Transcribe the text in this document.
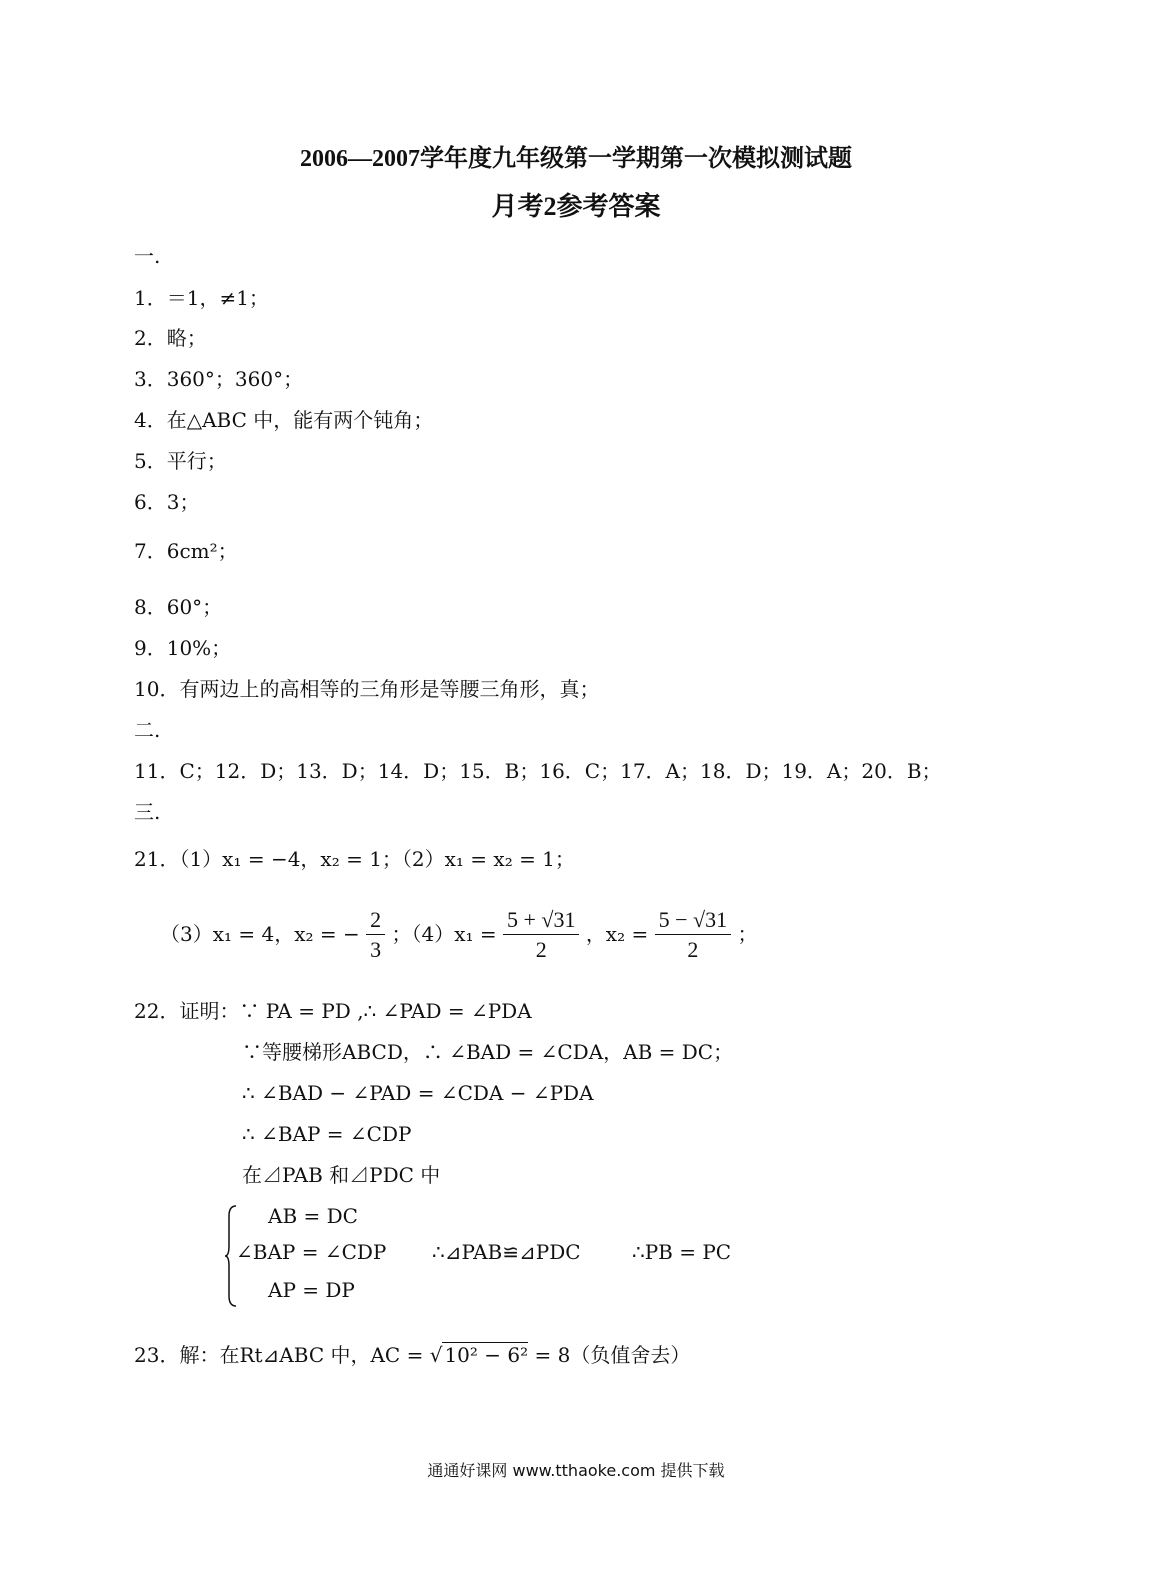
2006—2007学年度九年级第一学期第一次模拟测试题
月考2参考答案
一.
1．＝1，≠1；
2．略；
3．360°；360°；
4．在△ABC 中，能有两个钝角；
5．平行；
6．3；
7．6cm²；
8．60°；
9．10%；
10．有两边上的高相等的三角形是等腰三角形，真；
二.
11．C；12．D；13．D；14．D；15．B；16．C；17．A；18．D；19．A；20．B；
三.
21．（1）x₁ = −4，x₂ = 1；（2）x₁ = x₂ = 1；
（3）x₁ = 4，x₂ = − $\frac{2}{3}$ ；$(4)x_1 = \frac{5 + √31}{2}$ ，$x_2 = \frac{5 - √31}{2}$ ；
22．证明：∵ PA = PD ,∴ ∠PAD = ∠PDA
∵等腰梯形ABCD，∴ ∠BAD = ∠CDA，AB = DC；
∴ ∠BAD − ∠PAD = ∠CDA − ∠PDA
∴ ∠BAP = ∠CDP
在⊿PAB 和⊿PDC 中
AB = DC
∠BAP = ∠CDP ∴⊿PAB≌⊿PDC	∴PB = PC
AP = DP
23．解：在Rt⊿ABC 中，AC = √ 10² − 6² = 8（负值舍去）
通通好课网 www.tthaoke.com 提供下载
